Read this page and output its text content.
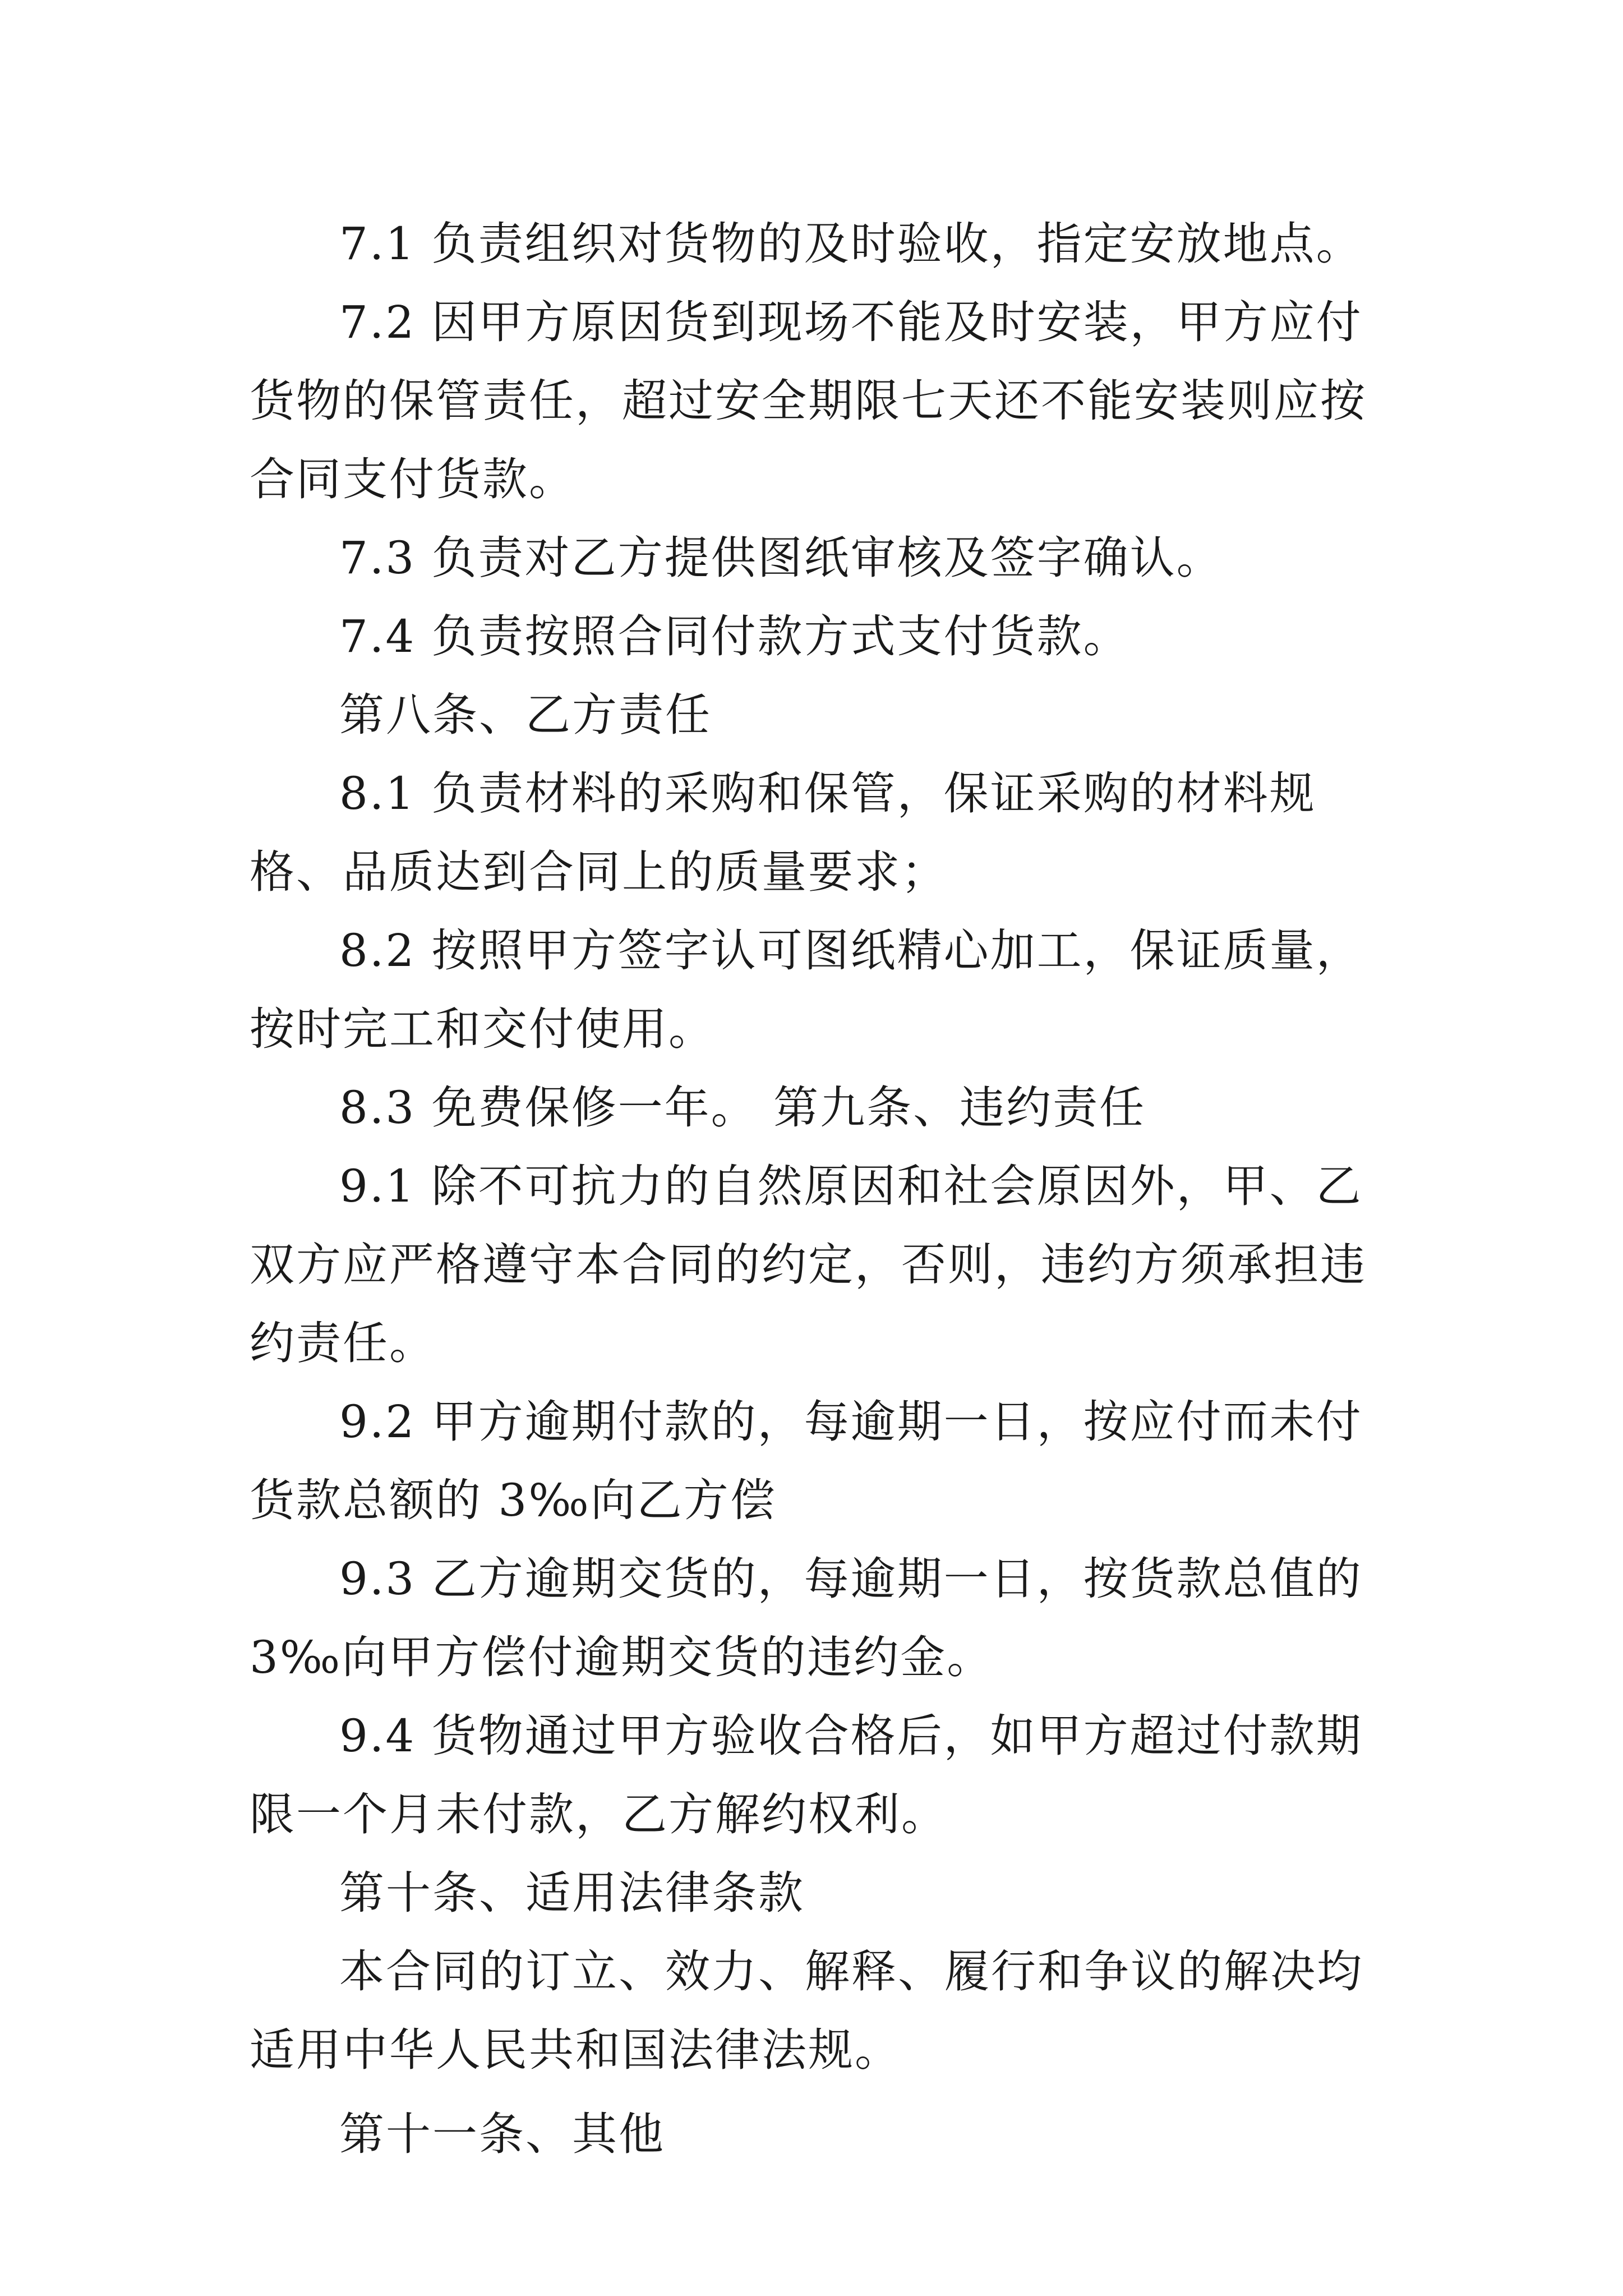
7.1 负责组织对货物的及时验收，指定安放地点。

7.2 因甲方原因货到现场不能及时安装，甲方应付货物的保管责任，超过安全期限七天还不能安装则应按合同支付货款。

7.3 负责对乙方提供图纸审核及签字确认。

7.4 负责按照合同付款方式支付货款。

第八条、乙方责任

8.1 负责材料的采购和保管，保证采购的材料规格、品质达到合同上的质量要求；

8.2 按照甲方签字认可图纸精心加工，保证质量，按时完工和交付使用。

8.3 免费保修一年。 第九条、违约责任

9.1 除不可抗力的自然原因和社会原因外，甲、乙双方应严格遵守本合同的约定，否则，违约方须承担违约责任。

9.2 甲方逾期付款的，每逾期一日，按应付而未付货款总额的 3‰向乙方偿

9.3 乙方逾期交货的，每逾期一日，按货款总值的 3‰向甲方偿付逾期交货的违约金。

9.4 货物通过甲方验收合格后，如甲方超过付款期限一个月未付款，乙方解约权利。

第十条、适用法律条款

本合同的订立、效力、解释、履行和争议的解决均适用中华人民共和国法律法规。

第十一条、其他
